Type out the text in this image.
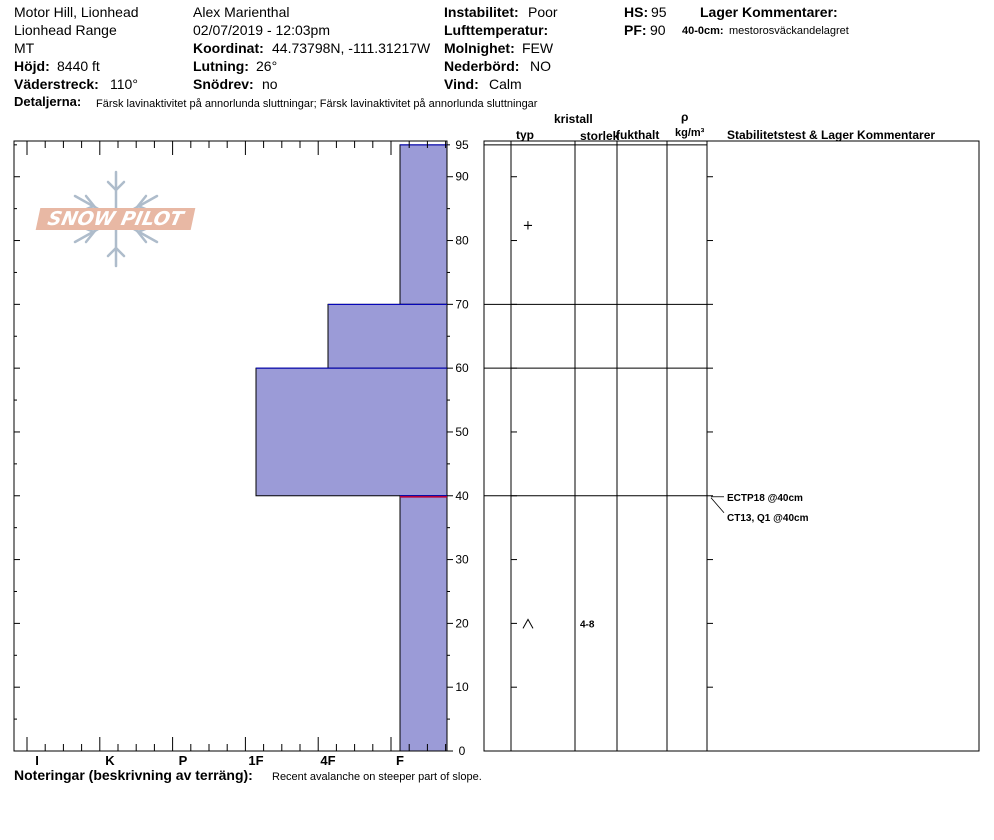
Motor Hill, Lionhead
Lionhead Range
MT
Höjd: 8440 ft
Väderstreck: 110°
Alex Marienthal
02/07/2019 - 12:03pm
Koordinat: 44.73798N, -111.31217W
Lutning: 26°
Snödrev: no
Instabilitet: Poor
Lufttemperatur:
Molnighet: FEW
Nederbörd: NO
Vind: Calm
HS: 95
PF: 90
Lager Kommentarer:
40-0cm: mestorosväckandelagret
Detaljerna: Färsk lavinaktivitet på annorlunda sluttningar; Färsk lavinaktivitet på annorlunda sluttningar
kristall
typ	storlek
fukthalt
ρ
kg/m³ Stabilitetstest & Lager Kommentarer
SNOW PILOT
0
10
20
30
40
50
60
70
80
90
95
I	K	P	1F	4F	F
+
4-8
ECTP18 @40cm
CT13, Q1 @40cm
Noteringar (beskrivning av terräng): Recent avalanche on steeper part of slope.
